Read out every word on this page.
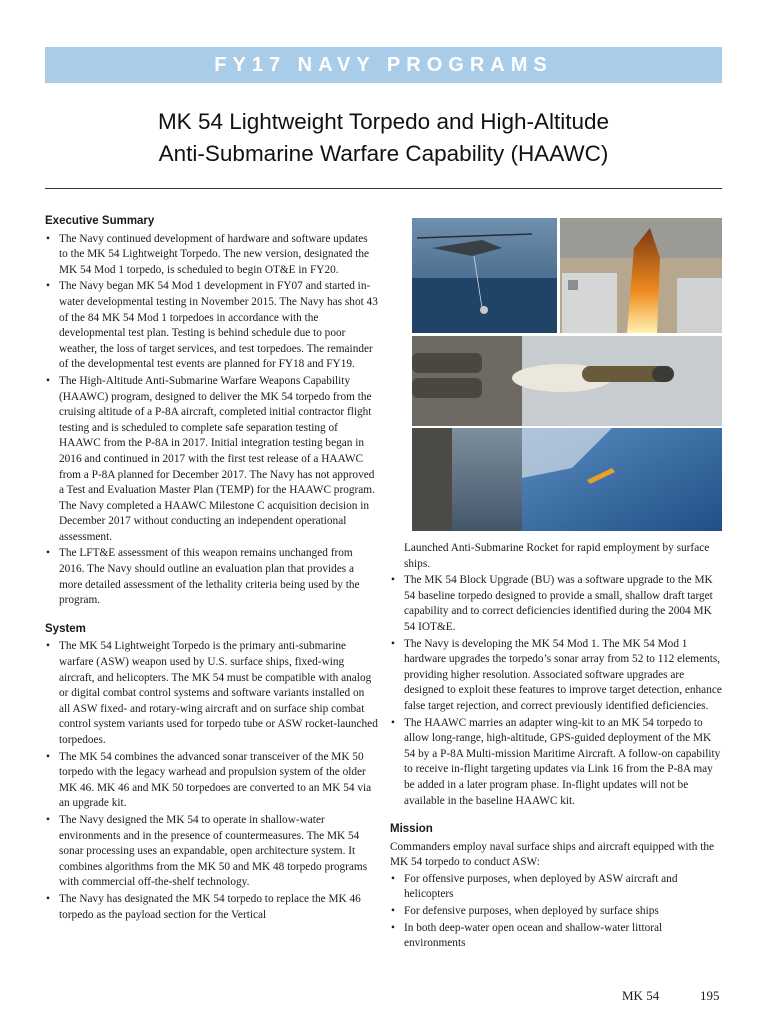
FY17 NAVY PROGRAMS
MK 54 Lightweight Torpedo and High-Altitude
Anti-Submarine Warfare Capability (HAAWC)
Executive Summary
• The Navy continued development of hardware and software updates to the MK 54 Lightweight Torpedo. The new version, designated the MK 54 Mod 1 torpedo, is scheduled to begin OT&E in FY20.
• The Navy began MK 54 Mod 1 development in FY07 and started in-water developmental testing in November 2015. The Navy has shot 43 of the 84 MK 54 Mod 1 torpedoes in accordance with the developmental test plan. Testing is behind schedule due to poor weather, the loss of target services, and test torpedoes. The remainder of the developmental test events are planned for FY18 and FY19.
• The High-Altitude Anti-Submarine Warfare Weapons Capability (HAAWC) program, designed to deliver the MK 54 torpedo from the cruising altitude of a P-8A aircraft, completed initial contractor flight testing and is scheduled to complete safe separation testing of HAAWC from the P-8A in 2017. Initial integration testing began in 2016 and continued in 2017 with the first test release of a HAAWC from a P-8A planned for December 2017. The Navy has not approved a Test and Evaluation Master Plan (TEMP) for the HAAWC program. The Navy completed a HAAWC Milestone C acquisition decision in December 2017 without conducting an independent operational assessment.
• The LFT&E assessment of this weapon remains unchanged from 2016. The Navy should outline an evaluation plan that provides a more detailed assessment of the lethality criteria being used by the program.
System
• The MK 54 Lightweight Torpedo is the primary anti-submarine warfare (ASW) weapon used by U.S. surface ships, fixed-wing aircraft, and helicopters. The MK 54 must be compatible with analog or digital combat control systems and software variants installed on all ASW fixed- and rotary-wing aircraft and on surface ship combat control system variants used for torpedo tube or ASW rocket-launched torpedoes.
• The MK 54 combines the advanced sonar transceiver of the MK 50 torpedo with the legacy warhead and propulsion system of the older MK 46. MK 46 and MK 50 torpedoes are converted to an MK 54 via an upgrade kit.
• The Navy designed the MK 54 to operate in shallow-water environments and in the presence of countermeasures. The MK 54 sonar processing uses an expandable, open architecture system. It combines algorithms from the MK 50 and MK 48 torpedo programs with commercial off-the-shelf technology.
• The Navy has designated the MK 54 torpedo to replace the MK 46 torpedo as the payload section for the Vertical

Launched Anti-Submarine Rocket for rapid employment by surface ships.

• The MK 54 Block Upgrade (BU) was a software upgrade to the MK 54 baseline torpedo designed to provide a small, shallow draft target capability and to correct deficiencies identified during the 2004 MK 54 IOT&E.
• The Navy is developing the MK 54 Mod 1. The MK 54 Mod 1 hardware upgrades the torpedo’s sonar array from 52 to 112 elements, providing higher resolution. Associated software upgrades are designed to exploit these features to improve target detection, enhance false target rejection, and correct previously identified deficiencies.
• The HAAWC marries an adapter wing-kit to an MK 54 torpedo to allow long-range, high-altitude, GPS-guided deployment of the MK 54 by a P-8A Multi-mission Maritime Aircraft. A follow-on capability to receive in-flight targeting updates via Link 16 from the P-8A may be added in a later program phase. In-flight updates will not be available in the baseline HAAWC kit.
Mission

Commanders employ naval surface ships and aircraft equipped with the MK 54 torpedo to conduct ASW:

• For offensive purposes, when deployed by ASW aircraft and helicopters
• For defensive purposes, when deployed by surface ships
• In both deep-water open ocean and shallow-water littoral environments
MK 54	195
